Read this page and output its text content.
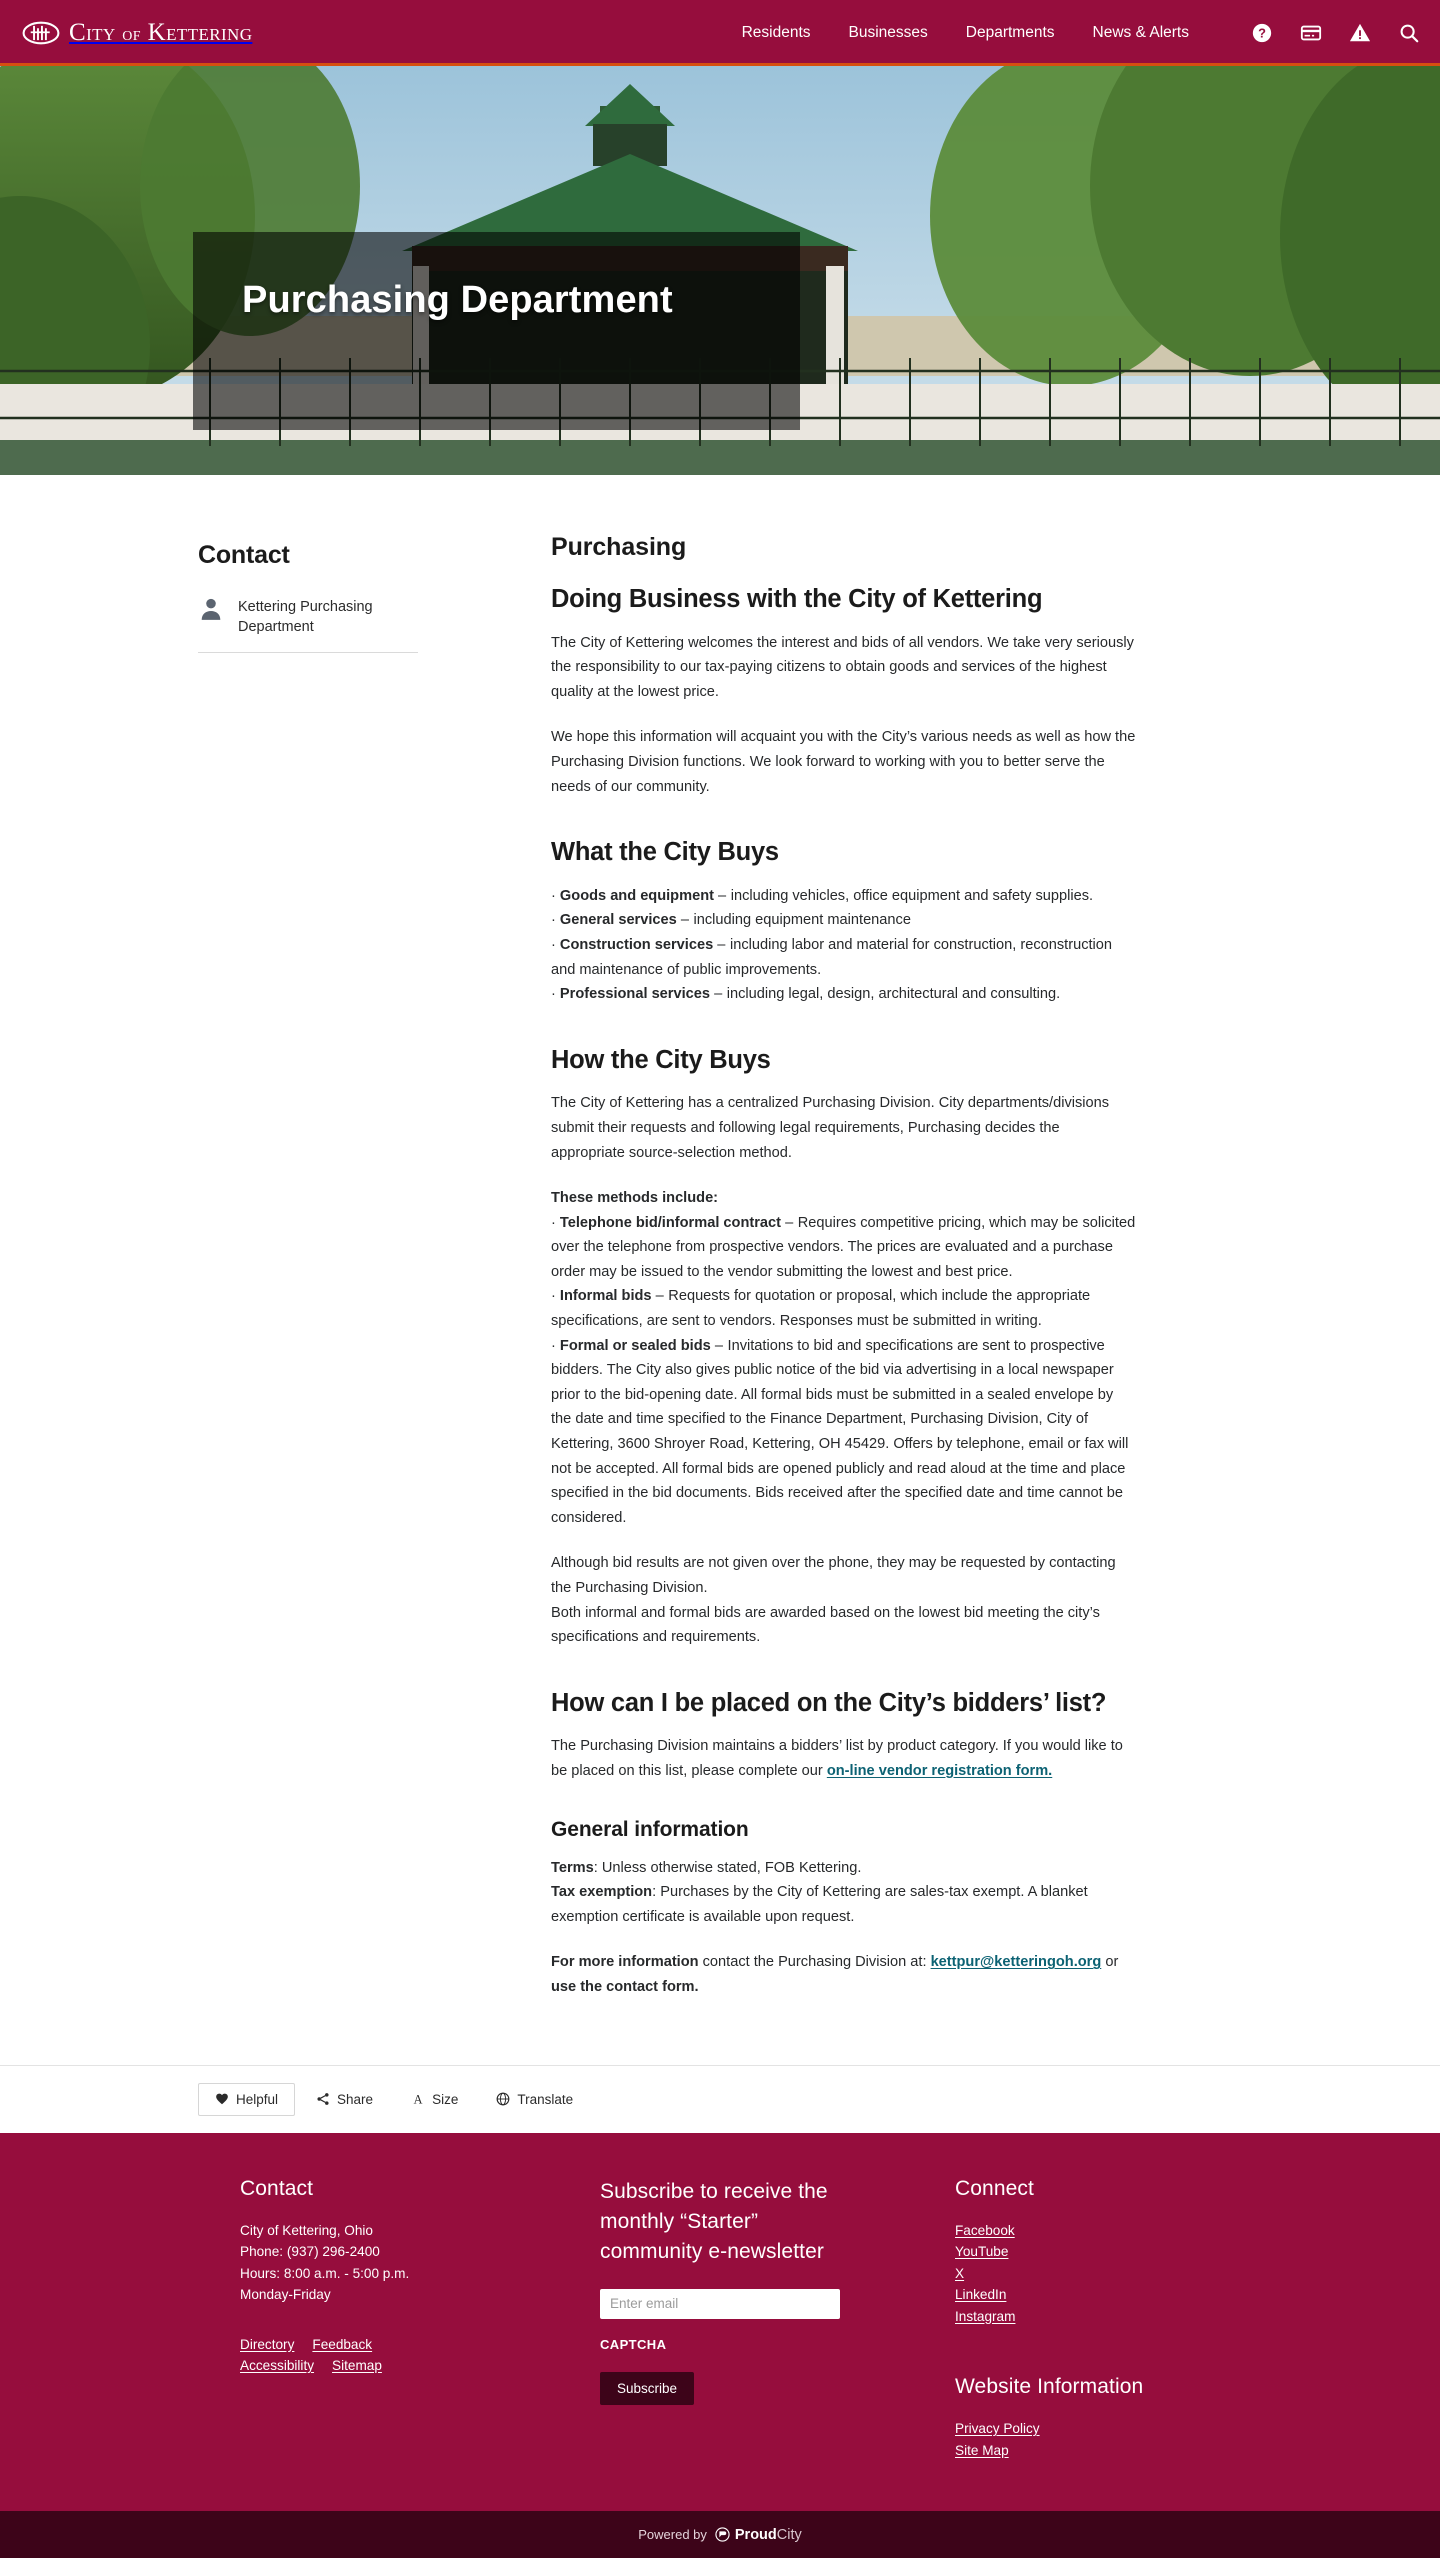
CITY OF KETTERING	Residents Businesses Departments News & Alerts	?
Purchasing Department
Contact
Kettering Purchasing Department
Purchasing
Doing Business with the City of Kettering

The City of Kettering welcomes the interest and bids of all vendors. We take very seriously the responsibility to our tax-paying citizens to obtain goods and services of the highest quality at the lowest price.

We hope this information will acquaint you with the City’s various needs as well as how the Purchasing Division functions. We look forward to working with you to better serve the needs of our community.

What the City Buys
· Goods and equipment – including vehicles, office equipment and safety supplies.
· General services – including equipment maintenance
· Construction services – including labor and material for construction, reconstruction and maintenance of public improvements.
· Professional services – including legal, design, architectural and consulting.
How the City Buys

The City of Kettering has a centralized Purchasing Division. City departments/divisions submit their requests and following legal requirements, Purchasing decides the appropriate source-selection method.

These methods include:
· Telephone bid/informal contract – Requires competitive pricing, which may be solicited over the telephone from prospective vendors. The prices are evaluated and a purchase order may be issued to the vendor submitting the lowest and best price.
· Informal bids – Requests for quotation or proposal, which include the appropriate specifications, are sent to vendors. Responses must be submitted in writing.
· Formal or sealed bids – Invitations to bid and specifications are sent to prospective bidders. The City also gives public notice of the bid via advertising in a local newspaper prior to the bid-opening date. All formal bids must be submitted in a sealed envelope by the date and time specified to the Finance Department, Purchasing Division, City of Kettering, 3600 Shroyer Road, Kettering, OH 45429. Offers by telephone, email or fax will not be accepted. All formal bids are opened publicly and read aloud at the time and place specified in the bid documents. Bids received after the specified date and time cannot be considered.

Although bid results are not given over the phone, they may be requested by contacting the Purchasing Division.

Both informal and formal bids are awarded based on the lowest bid meeting the city’s specifications and requirements.

How can I be placed on the City’s bidders’ list?

The Purchasing Division maintains a bidders’ list by product category. If you would like to be placed on this list, please complete our on-line vendor registration form.

General information

Terms: Unless otherwise stated, FOB Kettering.

Tax exemption: Purchases by the City of Kettering are sales-tax exempt. A blanket exemption certificate is available upon request.

For more information contact the Purchasing Division at: kettpur@ketteringoh.org or use the contact form.

Helpful	Share A Size	Translate
Contact
City of Kettering, Ohio
Phone: (937) 296-2400
Hours: 8:00 a.m. - 5:00 p.m.
Monday-Friday
Directory Feedback
Accessibility Sitemap
Subscribe to receive the monthly “Starter” community e-newsletter
Enter email
CAPTCHA
Subscribe
Connect
Facebook
YouTube
X
LinkedIn
Instagram
Website Information
Privacy Policy
Site Map
Powered by ProudCity
